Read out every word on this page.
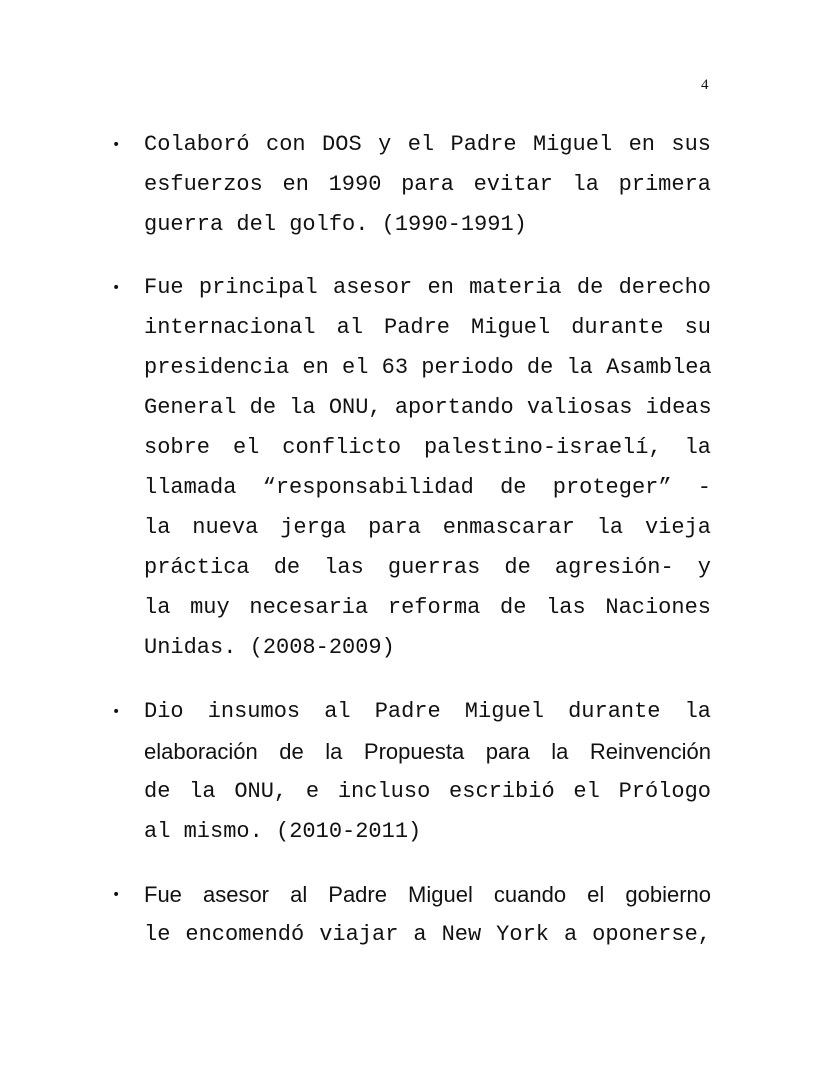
4
• Colaboró con DOS y el Padre Miguel en sus
esfuerzos en 1990 para evitar la primera
guerra del golfo. (1990-1991)
• Fue principal asesor en materia de derecho
internacional al Padre Miguel durante su
presidencia en el 63 periodo de la Asamblea
General de la ONU, aportando valiosas ideas
sobre el conflicto palestino-israelí, la
llamada “responsabilidad de proteger” -
la nueva jerga para enmascarar la vieja
práctica de las guerras de agresión- y
la muy necesaria reforma de las Naciones
Unidas. (2008-2009)
• Dio insumos al Padre Miguel durante la
elaboración de la Propuesta para la Reinvención
de la ONU, e incluso escribió el Prólogo
al mismo. (2010-2011)
• Fue asesor al Padre Miguel cuando el gobierno
le encomendó viajar a New York a oponerse,
